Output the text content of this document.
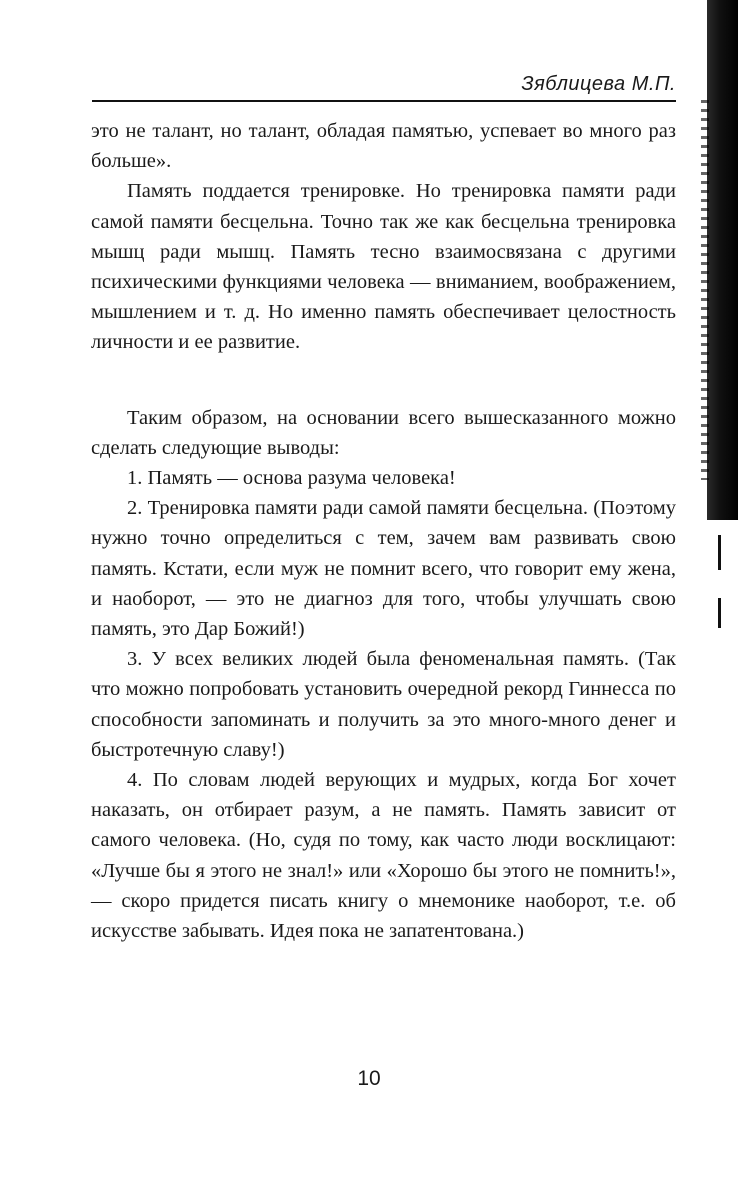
Зяблицева М.П.

это не талант, но талант, обладая памятью, успевает во много раз больше».

Память поддается тренировке. Но тренировка памяти ради самой памяти бесцельна. Точно так же как бесцельна тренировка мышц ради мышц. Память тесно взаимосвязана с другими психическими функциями человека — вниманием, воображением, мышлением и т. д. Но именно память обеспечивает целостность личности и ее развитие.

Таким образом, на основании всего вышесказанного можно сделать следующие выводы:

1. Память — основа разума человека!

2. Тренировка памяти ради самой памяти бесцельна. (Поэтому нужно точно определиться с тем, зачем вам развивать свою память. Кстати, если муж не помнит всего, что говорит ему жена, и наоборот, — это не диагноз для того, чтобы улучшать свою память, это Дар Божий!)

3. У всех великих людей была феноменальная память. (Так что можно попробовать установить очередной рекорд Гиннесса по способности запоминать и получить за это много-много денег и быстротечную славу!)

4. По словам людей верующих и мудрых, когда Бог хочет наказать, он отбирает разум, а не память. Память зависит от самого человека. (Но, судя по тому, как часто люди восклицают: «Лучше бы я этого не знал!» или «Хорошо бы этого не помнить!», — скоро придется писать книгу о мнемонике наоборот, т.е. об искусстве забывать. Идея пока не запатентована.)

10
